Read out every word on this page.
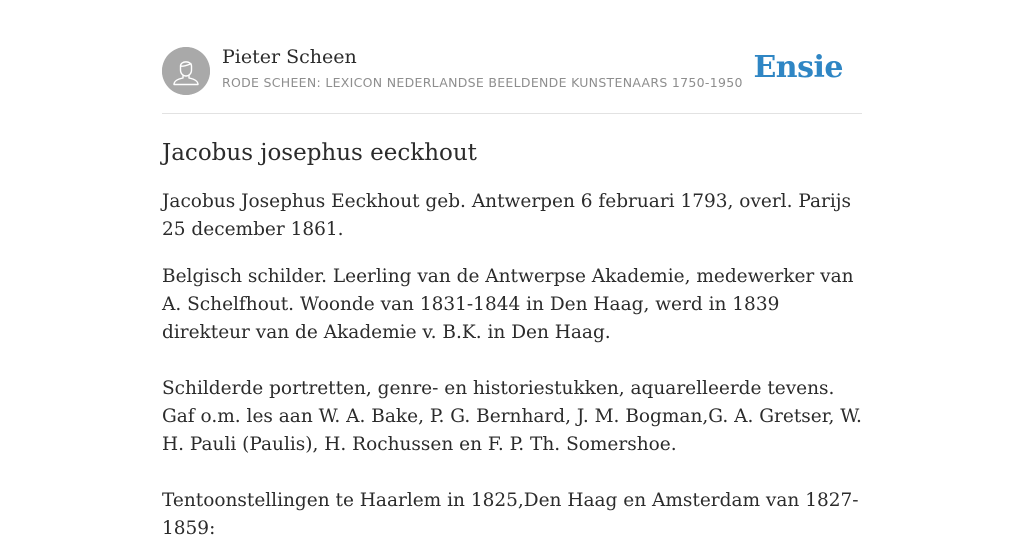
Pieter Scheen
RODE SCHEEN: LEXICON NEDERLANDSE BEELDENDE KUNSTENAARS 1750-1950 Ensie
Jacobus josephus eeckhout

Jacobus Josephus Eeckhout geb. Antwerpen 6 februari 1793, overl. Parijs 25 december 1861.

Belgisch schilder. Leerling van de Antwerpse Akademie, medewerker van A. Schelfhout. Woonde van 1831-1844 in Den Haag, werd in 1839 direkteur van de Akademie v. B.K. in Den Haag.

Schilderde portretten, genre- en historiestukken, aquarelleerde tevens. Gaf o.m. les aan W. A. Bake, P. G. Bernhard, J. M. Bogman,G. A. Gretser, W. H. Pauli (Paulis), H. Rochussen en F. P. Th. Somershoe.

Tentoonstellingen te Haarlem in 1825,Den Haag en Amsterdam van 1827-1859:
